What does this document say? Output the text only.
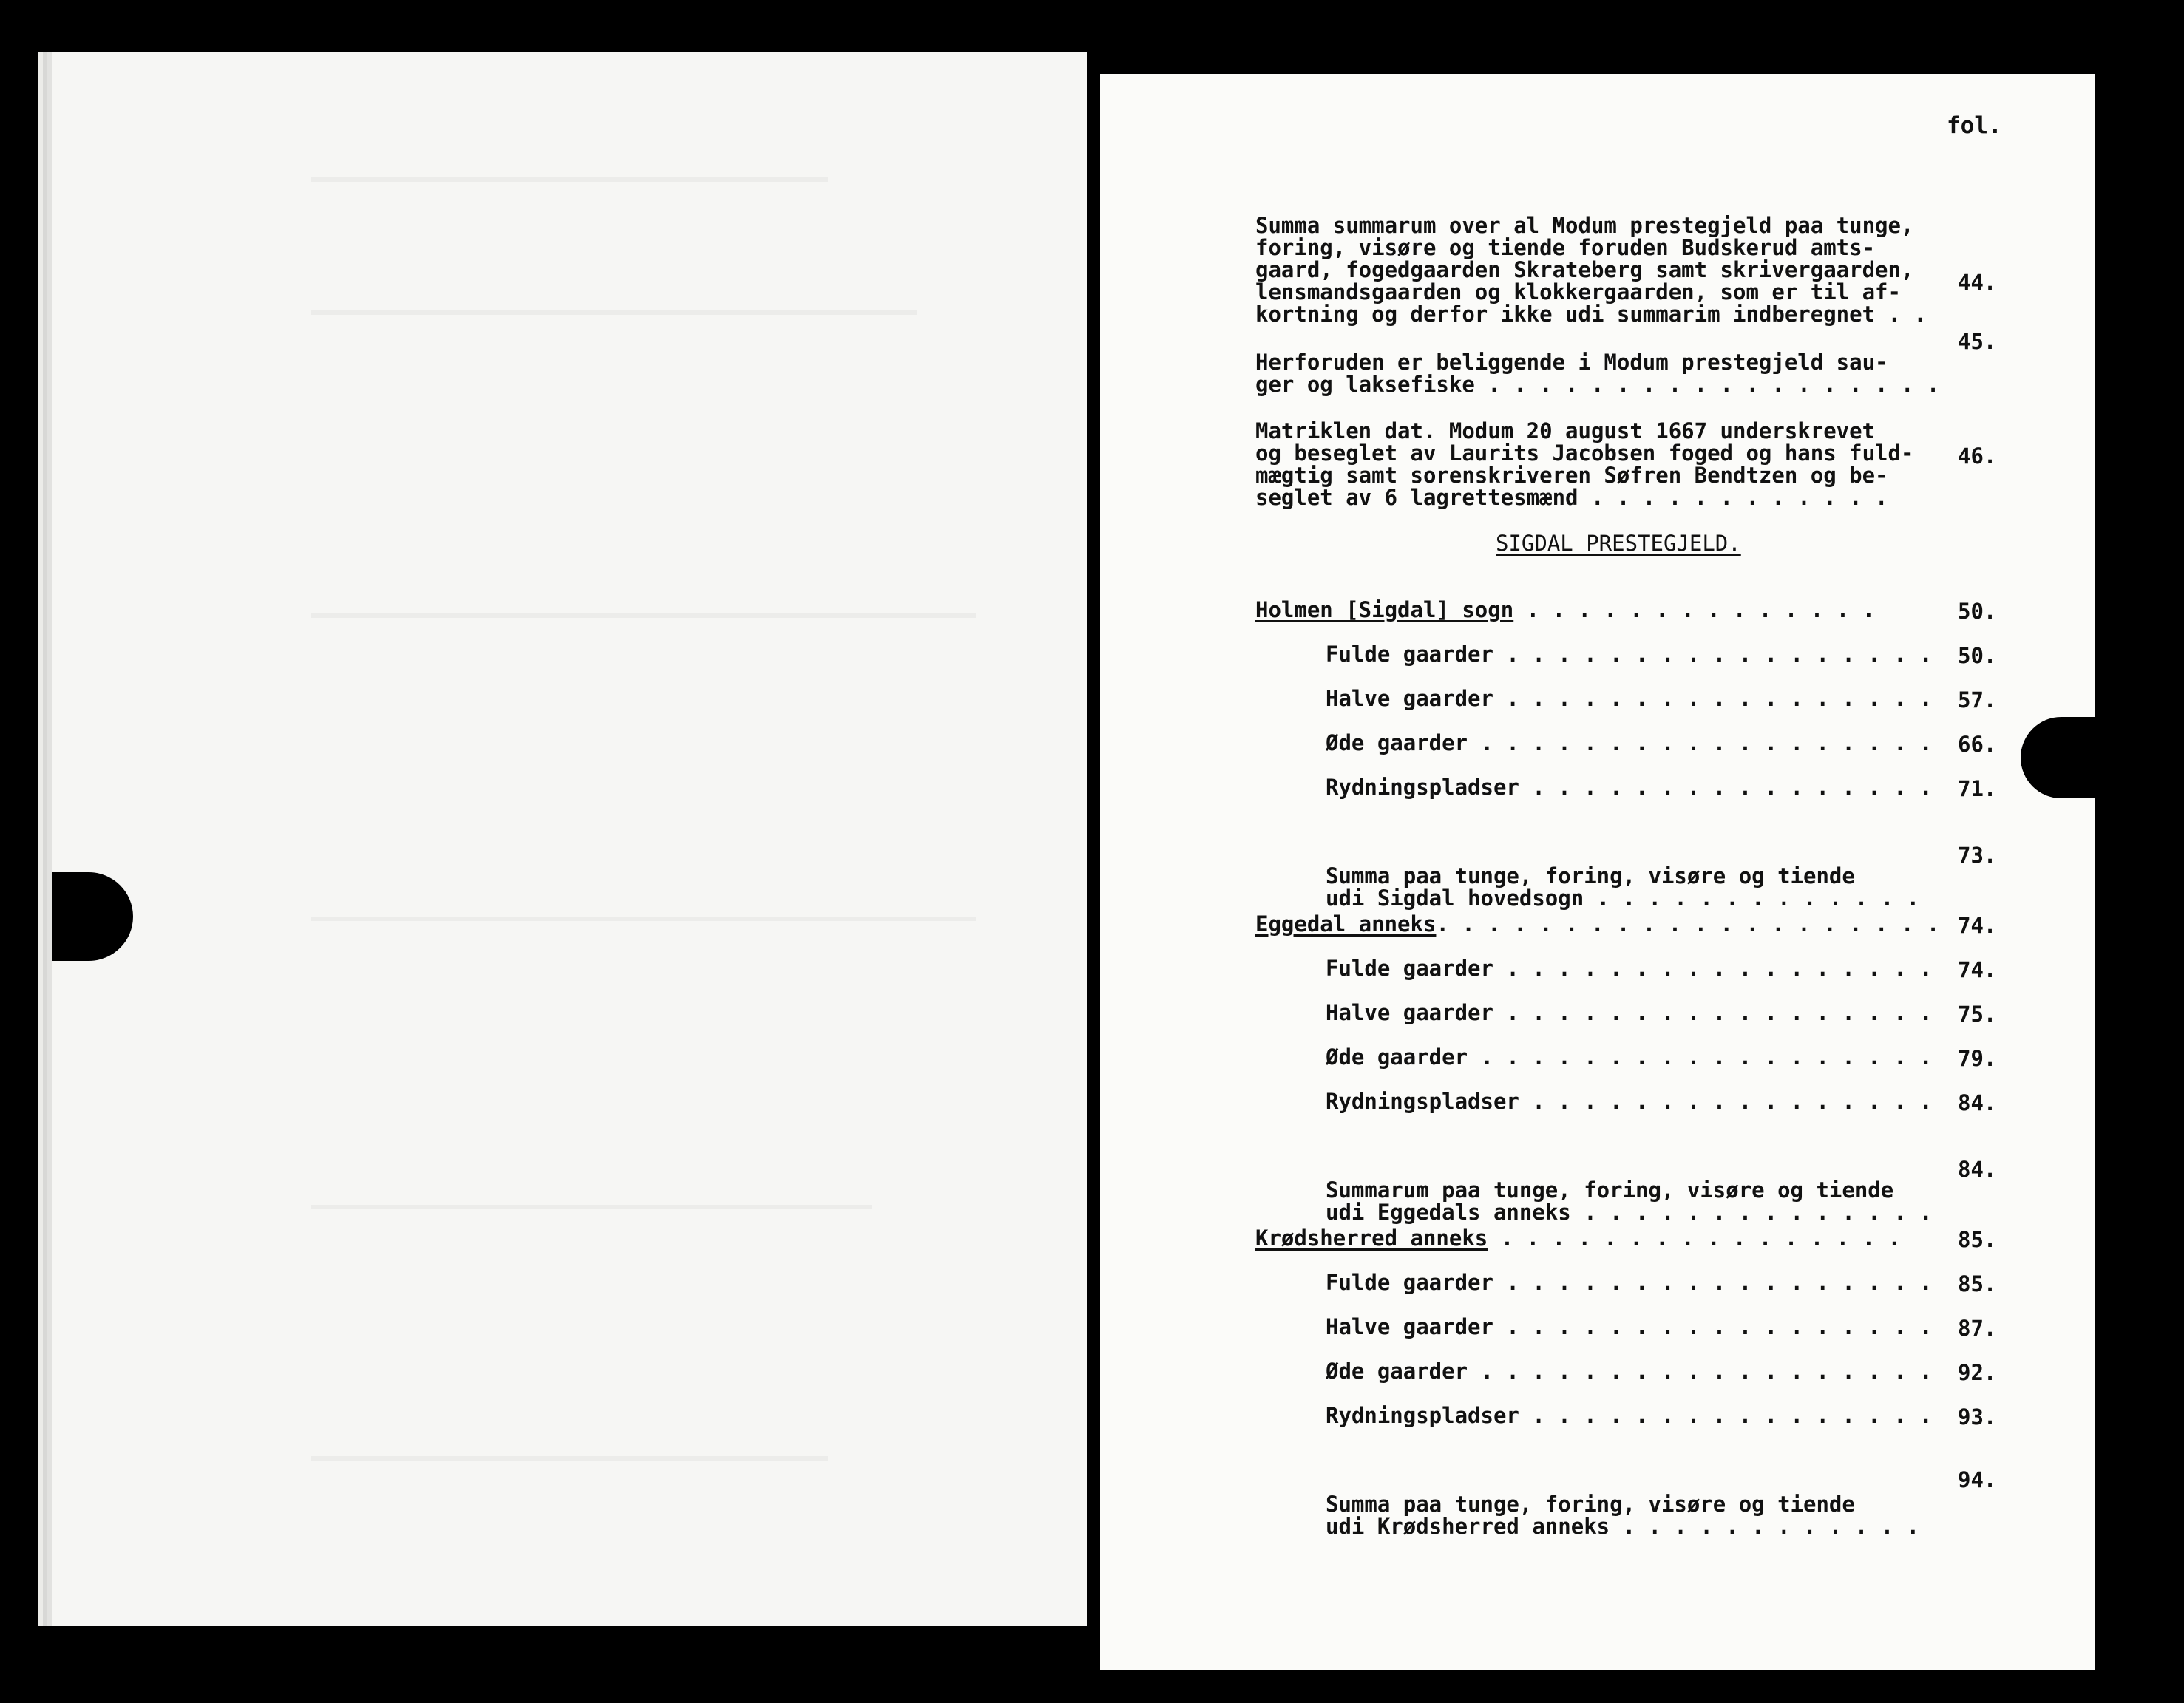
fol.

Summa summarum over al Modum prestegjeld paa tunge,
foring, visøre og tiende foruden Budskerud amts-
gaard, fogedgaarden Skrateberg samt skrivergaarden,
lensmandsgaarden og klokkergaarden, som er til af-
kortning og derfor ikke udi summarim indberegnet . .

44.

Herforuden er beliggende i Modum prestegjeld sau-
ger og laksefiske . . . . . . . . . . . . . . . . . .

45.

Matriklen dat. Modum 20 august 1667 underskrevet
og beseglet av Laurits Jacobsen foged og hans fuld-
mægtig samt sorenskriveren Søfren Bendtzen og be-
seglet av 6 lagrettesmænd . . . . . . . . . . . .

46.
SIGDAL PRESTEGJELD.
Holmen [Sigdal] sogn . . . . . . . . . . . . . .	50.
Fulde gaarder . . . . . . . . . . . . . . . . . 50.
Halve gaarder . . . . . . . . . . . . . . . . . 57.
Øde gaarder . . . . . . . . . . . . . . . . . . 66.
Rydningspladser . . . . . . . . . . . . . . . . 71.

Summa paa tunge, foring, visøre og tiende
udi Sigdal hovedsogn . . . . . . . . . . . . .

73.
Eggedal anneks. . . . . . . . . . . . . . . . . . . . 74.
Fulde gaarder . . . . . . . . . . . . . . . . . 74.
Halve gaarder . . . . . . . . . . . . . . . . . 75.
Øde gaarder . . . . . . . . . . . . . . . . . . 79.
Rydningspladser . . . . . . . . . . . . . . . . 84.

Summarum paa tunge, foring, visøre og tiende
udi Eggedals anneks . . . . . . . . . . . . . .

84.
Krødsherred anneks . . . . . . . . . . . . . . . .	85.
Fulde gaarder . . . . . . . . . . . . . . . . . 85.
Halve gaarder . . . . . . . . . . . . . . . . . 87.
Øde gaarder . . . . . . . . . . . . . . . . . . 92.
Rydningspladser . . . . . . . . . . . . . . . . 93.

Summa paa tunge, foring, visøre og tiende
udi Krødsherred anneks . . . . . . . . . . . .

94.
